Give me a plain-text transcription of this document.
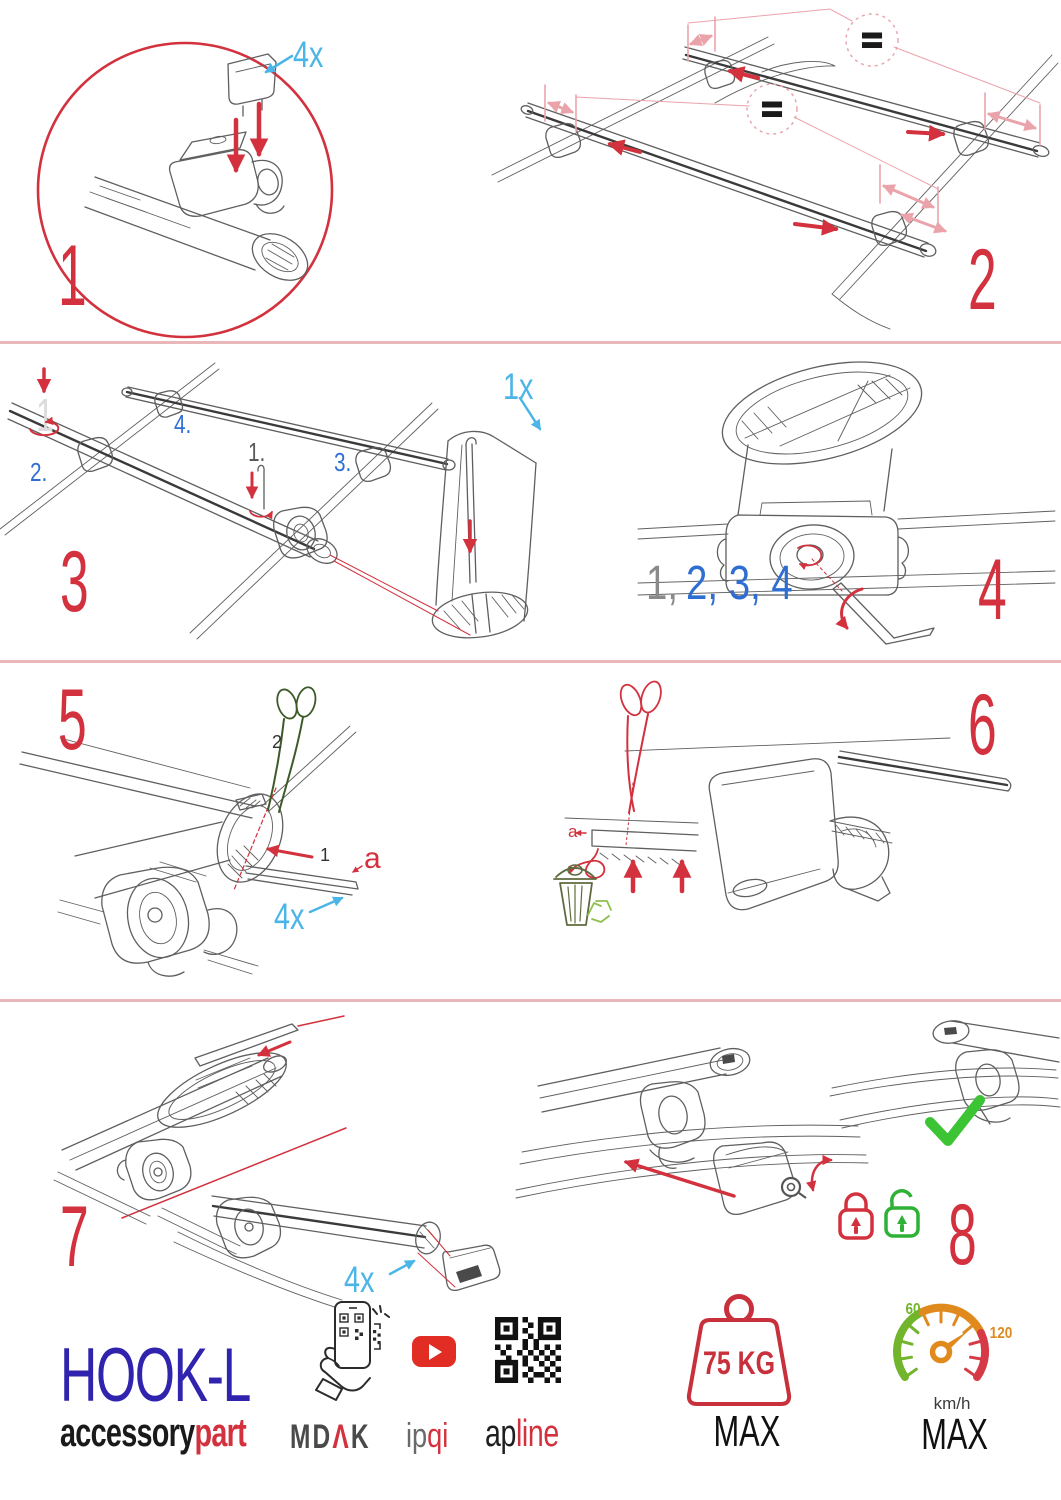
4x
1
=
=
2
1
1.
2.	3.
4.
1x
3	1, 2, 3, 4 4
1
2
a
4x
5
a
6
4x
7	8
HOOK-L
accessorypart MDΛK ipqi apline
75 KG
MAX
60
120
km/h
MAX
